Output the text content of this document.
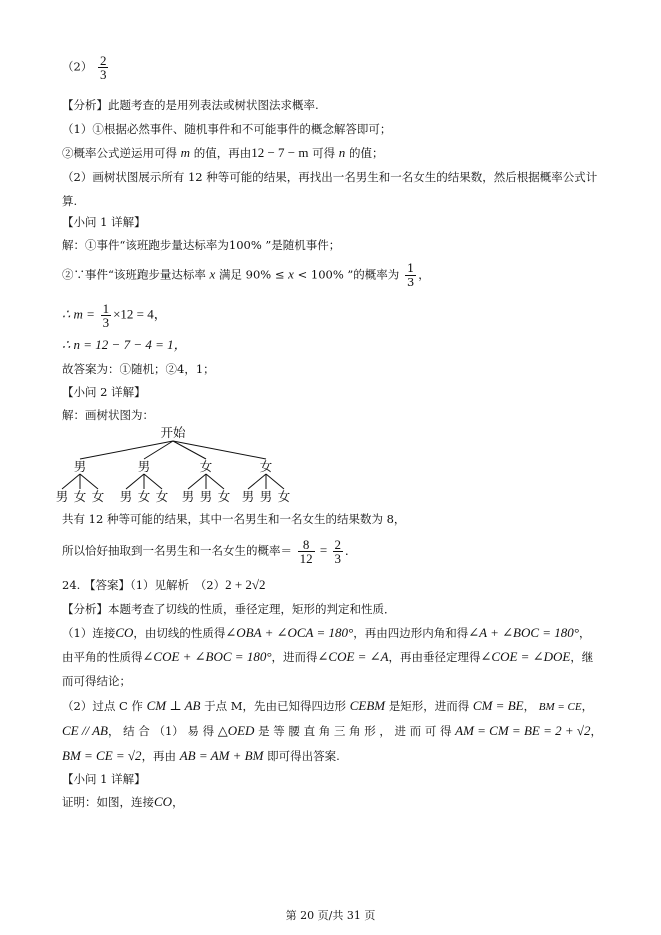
$(2) \frac{2}{3}$
【分析】此题考查的是用列表法或树状图法求概率.
（1）①根据必然事件、随机事件和不可能事件的概念解答即可；
②概率公式逆运用可得 m 的值，再由12 − 7 − m 可得 n 的值；
（2）画树状图展示所有 12 种等可能的结果，再找出一名男生和一名女生的结果数，然后根据概率公式计
算.
【小问 1 详解】
解：①事件“该班跑步量达标率为100% ”是随机事件；
②∵事件“该班跑步量达标率 x 满足 90% ≤ x < 100% ”的概率为 $\frac{1}{3}$ ，
∴ $m = \frac{1}{3} \times 12 = 4$，
∴ n = 12 − 7 − 4 = 1，
故答案为：①随机；②4，1；
【小问 2 详解】
解：画树状图为：
开始
男
男 女 女
男
男 女 女
女
男 男 女
女
男 男 女
共有 12 种等可能的结果，其中一名男生和一名女生的结果数为 8，
所以恰好抽取到一名男生和一名女生的概率＝ $\frac{8}{12} = \frac{2}{3}$ ．
24. 【答案】（1）见解析　（2）2 + 2√2
【分析】本题考查了切线的性质，垂径定理，矩形的判定和性质．
（1）连接CO，由切线的性质得∠OBA + ∠OCA = 180°，再由四边形内角和得∠A + ∠BOC = 180°，
由平角的性质得∠COE + ∠BOC = 180°，进而得∠COE = ∠A，再由垂径定理得∠COE = ∠DOE，继
而可得结论；
（2）过点 C 作 CM ⊥ AB 于点 M，先由已知得四边形 CEBM 是矩形，进而得 CM = BE， BM = CE，
CE // AB， 结 合 （1） 易 得 △OED 是 等 腰 直 角 三 角 形 ， 进 而 可 得 AM = CM = BE = 2 + √2，
BM = CE = √2，再由 AB = AM + BM 即可得出答案.
【小问 1 详解】
证明：如图，连接CO，
第 20 页/共 31 页
